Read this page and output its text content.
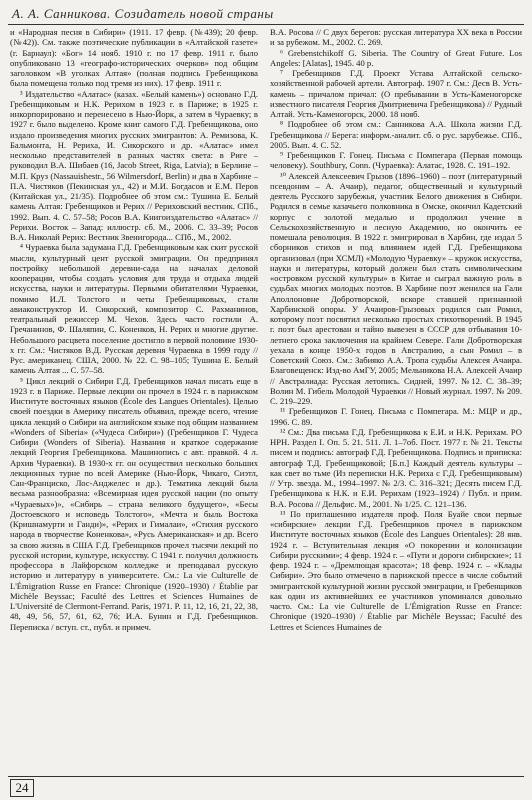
А. А. Санникова. Созидатель новой страны

и «Народная песня в Сибири» (1911. 17 февр. (№439); 20 февр. (№42)). См. также поэтические публикации в «Алтайской газете» (г. Барнаул): «Бог» 14 нояб. 1910 г. по 17 февр. 1911 г. было опубликовано 13 «географо-исторических очерков» под общим заголовком «В уголках Алтая» (полная подпись Гребенщикова была помещена только под тремя из них). 17 февр. 1911 г.

³ Издательство «Алатас» (казах. «Белый камень») основано Г.Д. Гребенщиковым и Н.К. Рерихом в 1923 г. в Париже; в 1925 г. инкорпорировано и перенесено в Нью-Йорк, а затем в Чураевку; в 1927 г. было выделено. Кроме книг самого Г.Д. Гребенщикова, оно издало произведения многих русских эмигрантов: А. Ремизова, К. Бальмонта, Н. Рериха, И. Сикорского и др. «Алатас» имел несколько представителей в разных частях света: в Риге – руководил В.А. Шибаев (16, Jacob Street, Riga, Latvia); в Берлине – М.П. Круз (Nassauishestr., 56 Wilmersdorf, Berlin) и два в Харбине – П.А. Чистяков (Пекинская ул., 42) и М.И. Богдасов и Е.М. Перов (Китайская ул., 21/35). Подробнее об этом см.: Тушина Е. Белый камень Алтая: Гребенщиков и Рерих // Рериховский вестник. СПб., 1992. Вып. 4. С. 57–58; Росов В.А. Книгоиздательство «Алатас» // Рерихи. Восток – Запад: иллюстр. сб. М., 2006. С. 33–39; Росов В.А. Николай Рерих: Вестник Звенигорода... СПб., М., 2002.

⁴ Чураевка была задумана Г.Д. Гребенщиковым как скит русской мысли, культурный цент русской эмиграции. Он предпринял постройку небольшой деревни-сада на началах деловой кооперации, чтобы создать условия для труда и отдыха людей искусства, науки и литературы. Первыми обитателями Чураевки, помимо И.Л. Толстого и четы Гребенщиковых, стали авиаконструктор И. Сикорский, композитор С. Рахманинов, театральный режиссер М. Чехов. Здесь часто гостили А. Гречанинов, Ф. Шаляпин, С. Коненков, Н. Рерих и многие другие. Небольшого расцвета поселение достигло в первой половине 1930-х гг. См.: Чистяков В.Д. Русская деревня Чураевка в 1999 году // Рус. американец. США, 2000. № 22. С. 98–105; Тушина Е. Белый камень Алтая ... С. 57–58.

⁵ Цикл лекций о Сибири Г.Д. Гребенщиков начал писать еще в 1923 г. в Париже. Первые лекции он прочел в 1924 г. в парижском Институте восточных языков (École des Langues Orientales). Целью своей поездки в Америку писатель объявил, прежде всего, чтение цикла лекций о Сибири на английском языке под общим названием «Wonders of Siberia» («Чудеса Сибири») (Гребенщиков Г. Чудеса Сибири (Wonders of Siberia). Названия и краткое содержание лекций Георгия Гребенщикова. Машинопись с авт. правкой. 4 л. Архив Чураевки). В 1930-х гг. он осуществил несколько больших лекционных турне по всей Америке (Нью-Йорк, Чикаго, Сиэтл, Сан-Франциско, Лос-Анджелес и др.). Тематика лекций была весьма разнообразна: «Всемирная идея русской нации (по опыту «Чураевых»)», «Сибирь – страна великого будущего», «Бесы Достоевского и исповедь Толстого», «Мечта и быль Востока (Кришнамурти и Ганди)», «Рерих и Гималаи», «Стихия русского народа в творчестве Коненкова», «Русь Американская» и др. Всего за свою жизнь в США Г.Д. Гребенщиков прочел тысячи лекций по русской истории, культуре, искусству. С 1941 г. получил должность профессора в Лайфорском колледже и преподавал русскую историю и литературу в университете. См.: La vie Culturelle de L'Émigration Russe en France: Chronique (1920–1930) / Établie par Michèle Beyssac; Faculté des Lettres et Sciences Humaines de L'Université de Clermont-Ferrand. Paris, 1971. P. 11, 12, 16, 21, 22, 38, 48, 49, 56, 57, 61, 62, 76; И.А. Бунин и Г.Д. Гребенщиков. Переписка / вступ. ст., публ. и примеч.

В.А. Росова // С двух берегов: русская литература XX века в России и за рубежом. М., 2002. С. 269.

⁶ Grebenstchikoff G. Siberia. The Country of Great Future. Los Angeles: [Alatas], 1945. 40 p.

⁷ Гребенщиков Г.Д. Проект Устава Алтайской сельско-хозяйственной рабочей артели. Автограф. 1907 г. См.: Десв В. Усть-камень – причалом причал: (О пребывании в Усть-Каменогорске известного писателя Георгия Дмитриевича Гребенщикова) // Рудный Алтай. Усть-Каменогорск, 2000. 18 нояб.

⁸ Подробнее об этом см.: Санникова А.А. Школа жизни Г.Д. Гребенщикова // Берега: информ.-аналит. сб. о рус. зарубежье. СПб., 2005. Вып. 4. С. 52.

⁹ Гребенщиков Г. Гонец. Письма с Помпегара (Первая помощь человеку). Southbury, Conn. (Чураевка): Алатас, 1928. С. 191–192.

¹⁰ Алексей Алексеевич Грызов (1896–1960) – поэт (литературный псевдоним – А. Ачаир), педагог, общественный и культурный деятель Русского зарубежья, участник Белого движения в Сибири. Родился в семье казачьего полковника в Омске, окончил Кадетский корпус с золотой медалью и продолжил учение в Сельскохозяйственную и лесную Академию, но окончить ее помешала революция. В 1922 г. эмигрировал в Харбин, где издал 5 сборников стихов и под влиянием идей Г.Д. Гребенщикова организовал (при ХСМЛ) «Молодую Чураевку» – кружок искусства, науки и литературы, который должен был стать символическим «островком русской культуры» в Китае и сыграл важную роль в судьбах многих молодых поэтов. В Харбине поэт женился на Гали Аполлоновне Добротворской, вскоре ставшей признанной Харбинской опоры. У Ачаиров-Грызовых родился сын Ромил, которому поэт посвятил несколько простых стихотворений. В 1945 г. поэт был арестован и тайно вывезен в СССР для отбывания 10-летнего срока заключения на крайнем Севере. Гали Добротворская уехала в конце 1950-х годов в Австралию, а сын Ромил – в Советский Союз. См.: Забияко А.А. Тропа судьбы Алексея Ачаира. Благовещенск: Изд-во АмГУ, 2005; Мельникова Н.А. Алексей Ачаир // Австралиада: Русская летопись. Сидней, 1997. №12. С. 38–39; Волин М. Гибель Молодой Чураевки // Новый журнал. 1997. № 209. С. 219–229.

¹¹ Гребенщиков Г. Гонец. Письма с Помпегара. М.: МЦР и др., 1996. С. 89.

¹² См.: Два письма Г.Д. Гребенщикова к Е.И. и Н.К. Рерихам. РО НРН. Раздел I. Оп. 5. 21. 511. Л. 1–7об. Пост. 1977 г. № 21. Тексты писем и подпись: автограф Г.Д. Гребенщикова. Подпись и приписка: автограф Т.Д. Гребенщиковой; [Б.п.] Каждый деятель культуры – как свет во тьме (Из переписки Н.К. Рериха с Г.Д. Гребенщиковым) // Утр. звезда. М., 1994–1997. № 2/3. С. 316–321; Десять писем Г.Д. Гребенщикова к Н.К. и Е.И. Рерихам (1923–1924) / Публ. и прим. В.А. Росова // Дельфис. М., 2001. № 1/25. С. 121–136.

¹³ По приглашению издателя проф. Поля Буайе свои первые «сибирские» лекции Г.Д. Гребенщиков прочел в парижском Институте восточных языков (École des Langues Orientales): 28 янв. 1924 г. – Вступительная лекция «О покорении и колонизации Сибири русскими»; 4 февр. 1924 г. – «Пути и дороги сибирские»; 11 февр. 1924 г. – «Дремлющая красота»; 18 февр. 1924 г. – «Клады Сибири». Это было отмечено в парижской прессе в числе событий эмигрантской культурной жизни русской эмиграции, и Гребенщиков как один из активнейших ее участников упоминался довольно часто. См.: La vie Culturelle de L'Émigration Russe en France: Chronique (1920–1930) / Établie par Michèle Beyssac; Faculté des Lettres et Sciences Humaines de

24
